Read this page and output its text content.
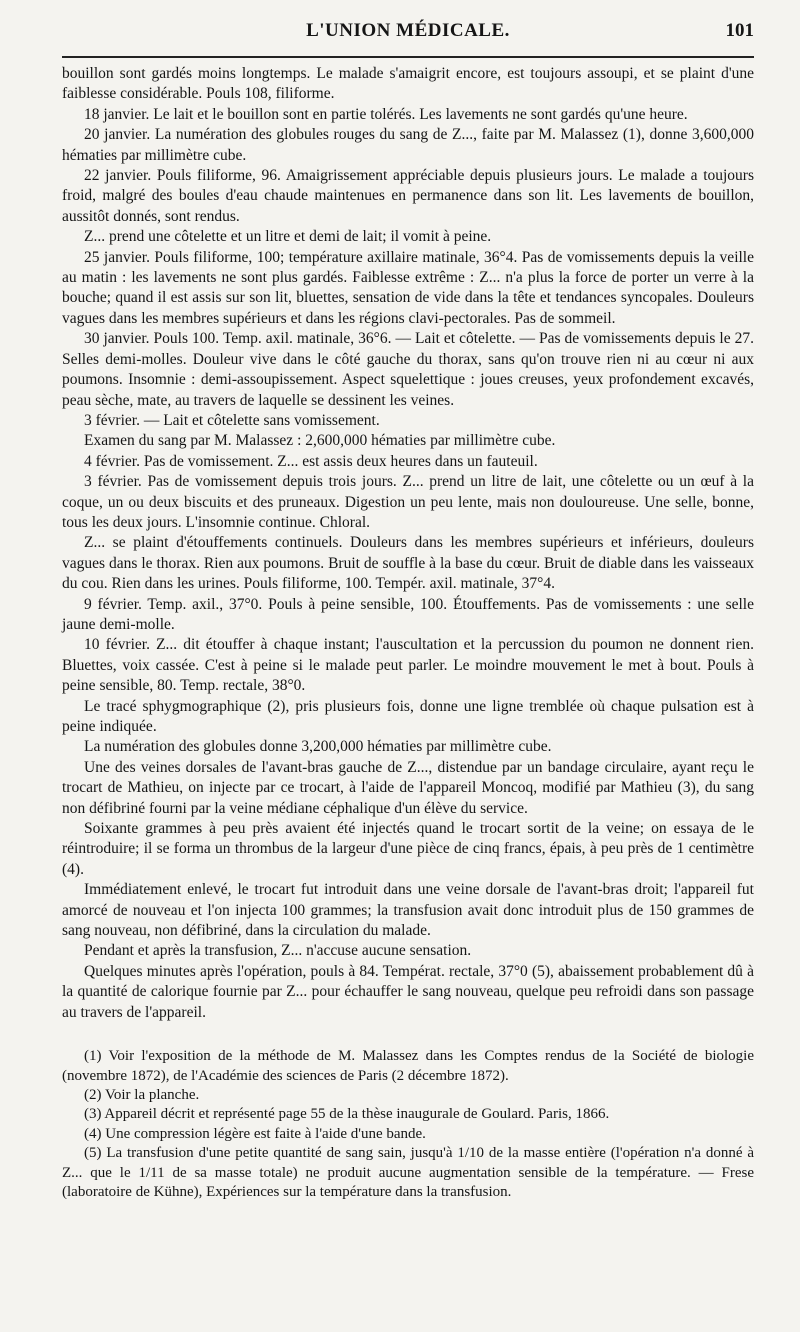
L'UNION MÉDICALE.	101

bouillon sont gardés moins longtemps. Le malade s'amaigrit encore, est toujours assoupi, et se plaint d'une faiblesse considérable. Pouls 108, filiforme.

18 janvier. Le lait et le bouillon sont en partie tolérés. Les lavements ne sont gardés qu'une heure.

20 janvier. La numération des globules rouges du sang de Z..., faite par M. Malassez (1), donne 3,600,000 hématies par millimètre cube.

22 janvier. Pouls filiforme, 96. Amaigrissement appréciable depuis plusieurs jours. Le malade a toujours froid, malgré des boules d'eau chaude maintenues en permanence dans son lit. Les lavements de bouillon, aussitôt donnés, sont rendus.

Z... prend une côtelette et un litre et demi de lait; il vomit à peine.

25 janvier. Pouls filiforme, 100; température axillaire matinale, 36°4. Pas de vomissements depuis la veille au matin : les lavements ne sont plus gardés. Faiblesse extrême : Z... n'a plus la force de porter un verre à la bouche; quand il est assis sur son lit, bluettes, sensation de vide dans la tête et tendances syncopales. Douleurs vagues dans les membres supérieurs et dans les régions clavi-pectorales. Pas de sommeil.

30 janvier. Pouls 100. Temp. axil. matinale, 36°6. — Lait et côtelette. — Pas de vomissements depuis le 27. Selles demi-molles. Douleur vive dans le côté gauche du thorax, sans qu'on trouve rien ni au cœur ni aux poumons. Insomnie : demi-assoupissement. Aspect squelettique : joues creuses, yeux profondement excavés, peau sèche, mate, au travers de laquelle se dessinent les veines.

3 février. — Lait et côtelette sans vomissement.

Examen du sang par M. Malassez : 2,600,000 hématies par millimètre cube.

4 février. Pas de vomissement. Z... est assis deux heures dans un fauteuil.

3 février. Pas de vomissement depuis trois jours. Z... prend un litre de lait, une côtelette ou un œuf à la coque, un ou deux biscuits et des pruneaux. Digestion un peu lente, mais non douloureuse. Une selle, bonne, tous les deux jours. L'insomnie continue. Chloral.

Z... se plaint d'étouffements continuels. Douleurs dans les membres supérieurs et inférieurs, douleurs vagues dans le thorax. Rien aux poumons. Bruit de souffle à la base du cœur. Bruit de diable dans les vaisseaux du cou. Rien dans les urines. Pouls filiforme, 100. Tempér. axil. matinale, 37°4.

9 février. Temp. axil., 37°0. Pouls à peine sensible, 100. Étouffements. Pas de vomissements : une selle jaune demi-molle.

10 février. Z... dit étouffer à chaque instant; l'auscultation et la percussion du poumon ne donnent rien. Bluettes, voix cassée. C'est à peine si le malade peut parler. Le moindre mouvement le met à bout. Pouls à peine sensible, 80. Temp. rectale, 38°0.

Le tracé sphygmographique (2), pris plusieurs fois, donne une ligne tremblée où chaque pulsation est à peine indiquée.

La numération des globules donne 3,200,000 hématies par millimètre cube.

Une des veines dorsales de l'avant-bras gauche de Z..., distendue par un bandage circulaire, ayant reçu le trocart de Mathieu, on injecte par ce trocart, à l'aide de l'appareil Moncoq, modifié par Mathieu (3), du sang non défibriné fourni par la veine médiane céphalique d'un élève du service.

Soixante grammes à peu près avaient été injectés quand le trocart sortit de la veine; on essaya de le réintroduire; il se forma un thrombus de la largeur d'une pièce de cinq francs, épais, à peu près de 1 centimètre (4).

Immédiatement enlevé, le trocart fut introduit dans une veine dorsale de l'avant-bras droit; l'appareil fut amorcé de nouveau et l'on injecta 100 grammes; la transfusion avait donc introduit plus de 150 grammes de sang nouveau, non défibriné, dans la circulation du malade.

Pendant et après la transfusion, Z... n'accuse aucune sensation.

Quelques minutes après l'opération, pouls à 84. Températ. rectale, 37°0 (5), abaissement probablement dû à la quantité de calorique fournie par Z... pour échauffer le sang nouveau, quelque peu refroidi dans son passage au travers de l'appareil.

(1) Voir l'exposition de la méthode de M. Malassez dans les Comptes rendus de la Société de biologie (novembre 1872), de l'Académie des sciences de Paris (2 décembre 1872).

(2) Voir la planche.

(3) Appareil décrit et représenté page 55 de la thèse inaugurale de Goulard. Paris, 1866.

(4) Une compression légère est faite à l'aide d'une bande.

(5) La transfusion d'une petite quantité de sang sain, jusqu'à 1/10 de la masse entière (l'opération n'a donné à Z... que le 1/11 de sa masse totale) ne produit aucune augmentation sensible de la température. — Frese (laboratoire de Kühne), Expériences sur la température dans la transfusion.
